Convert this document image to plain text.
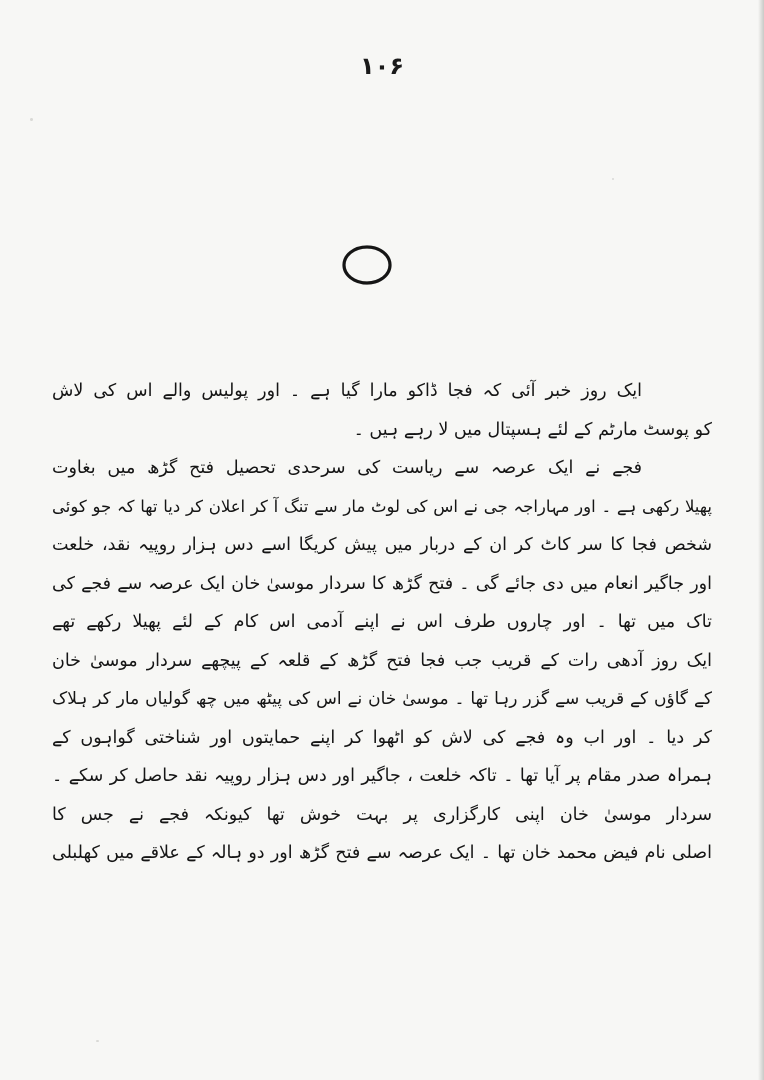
۱۰۶
ایک روز خبر آئی کہ فجا ڈاکو مارا گیا ہے ۔ اور پولیس والے اس کی لاش
کو پوسٹ مارٹم کے لئے ہسپتال میں لا رہے ہیں ۔
فجے نے ایک عرصہ سے ریاست کی سرحدی تحصیل فتح گڑھ میں بغاوت
پھیلا رکھی ہے ۔ اور مہاراجہ جی نے اس کی لوٹ مار سے تنگ آ کر اعلان کر دیا تھا کہ جو کوئی
شخص فجا کا سر کاٹ کر ان کے دربار میں پیش کریگا اسے دس ہزار روپیہ نقد، خلعت
اور جاگیر انعام میں دی جائے گی ۔ فتح گڑھ کا سردار موسیٰ خان ایک عرصہ سے فجے کی
تاک میں تھا ۔ اور چاروں طرف اس نے اپنے آدمی اس کام کے لئے پھیلا رکھے تھے
ایک روز آدھی رات کے قریب جب فجا فتح گڑھ کے قلعہ کے پیچھے سردار موسیٰ خان
کے گاؤں کے قریب سے گزر رہا تھا ۔ موسیٰ خان نے اس کی پیٹھ میں چھ گولیاں مار کر ہلاک
کر دیا ۔ اور اب وہ فجے کی لاش کو اٹھوا کر اپنے حمایتوں اور شناختی گواہوں کے
ہمراہ صدر مقام پر آیا تھا ۔ تاکہ خلعت ، جاگیر اور دس ہزار روپیہ نقد حاصل کر سکے ۔
سردار موسیٰ خان اپنی کارگزاری پر بہت خوش تھا کیونکہ فجے نے جس کا
اصلی نام فیض محمد خان تھا ۔ ایک عرصہ سے فتح گڑھ اور دو ہالہ کے علاقے میں کھلبلی
